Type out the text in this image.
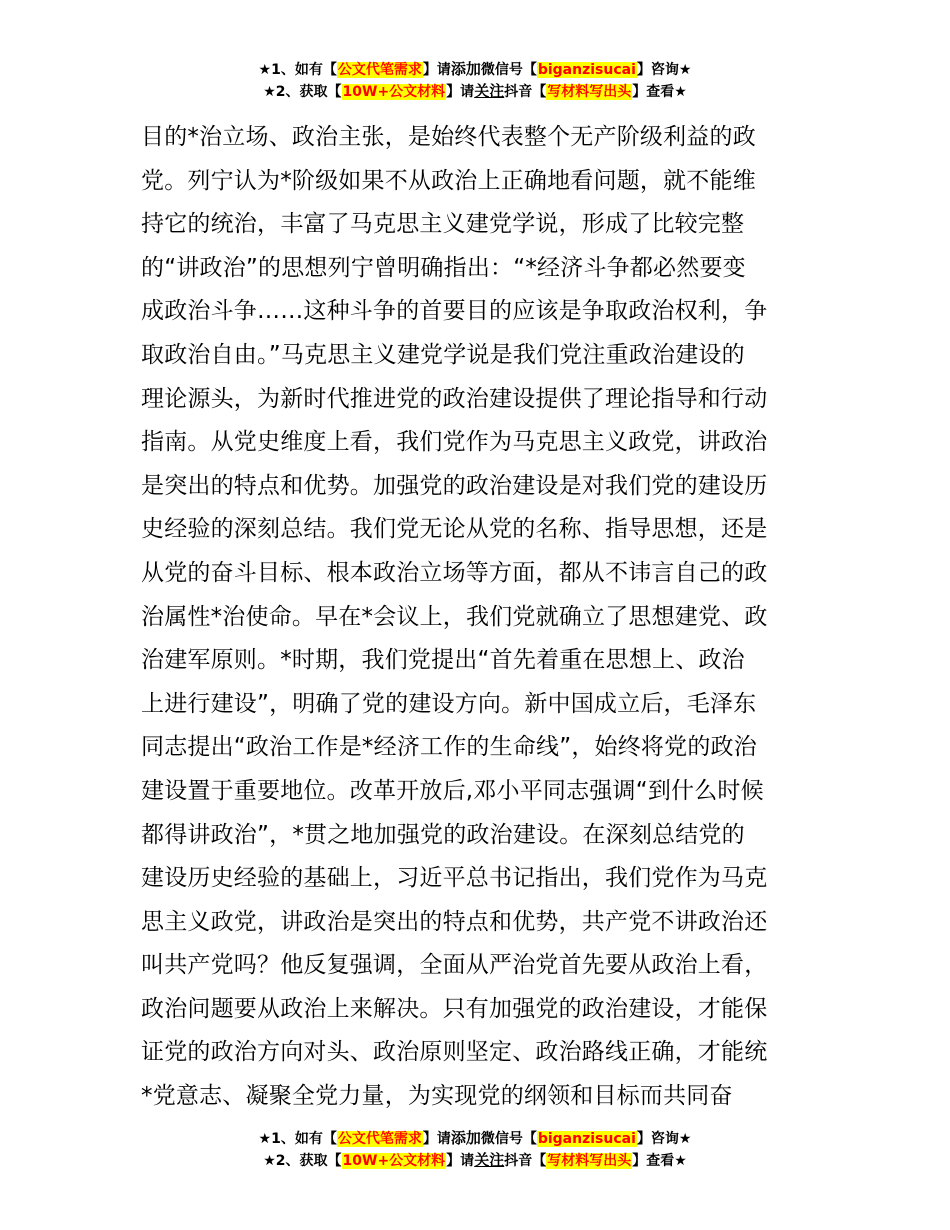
★1、如有【公文代笔需求】请添加微信号【biganzisucai】咨询★
★2、获取【10W+公文材料】请关注抖音【写材料写出头】查看★
目的*治立场、政治主张，是始终代表整个无产阶级利益的政
党。列宁认为*阶级如果不从政治上正确地看问题，就不能维
持它的统治，丰富了马克思主义建党学说，形成了比较完整
的“讲政治”的思想列宁曾明确指出：“*经济斗争都必然要变
成政治斗争……这种斗争的首要目的应该是争取政治权利，争
取政治自由。”马克思主义建党学说是我们党注重政治建设的
理论源头，为新时代推进党的政治建设提供了理论指导和行动
指南。从党史维度上看，我们党作为马克思主义政党，讲政治
是突出的特点和优势。加强党的政治建设是对我们党的建设历
史经验的深刻总结。我们党无论从党的名称、指导思想，还是
从党的奋斗目标、根本政治立场等方面，都从不讳言自己的政
治属性*治使命。早在*会议上，我们党就确立了思想建党、政
治建军原则。*时期，我们党提出“首先着重在思想上、政治
上进行建设”，明确了党的建设方向。新中国成立后，毛泽东
同志提出“政治工作是*经济工作的生命线”，始终将党的政治
建设置于重要地位。改革开放后,邓小平同志强调“到什么时候
都得讲政治”，*贯之地加强党的政治建设。在深刻总结党的
建设历史经验的基础上，习近平总书记指出，我们党作为马克
思主义政党，讲政治是突出的特点和优势，共产党不讲政治还
叫共产党吗？他反复强调，全面从严治党首先要从政治上看，
政治问题要从政治上来解决。只有加强党的政治建设，才能保
证党的政治方向对头、政治原则坚定、政治路线正确，才能统
*党意志、凝聚全党力量，为实现党的纲领和目标而共同奋
★1、如有【公文代笔需求】请添加微信号【biganzisucai】咨询★
★2、获取【10W+公文材料】请关注抖音【写材料写出头】查看★
